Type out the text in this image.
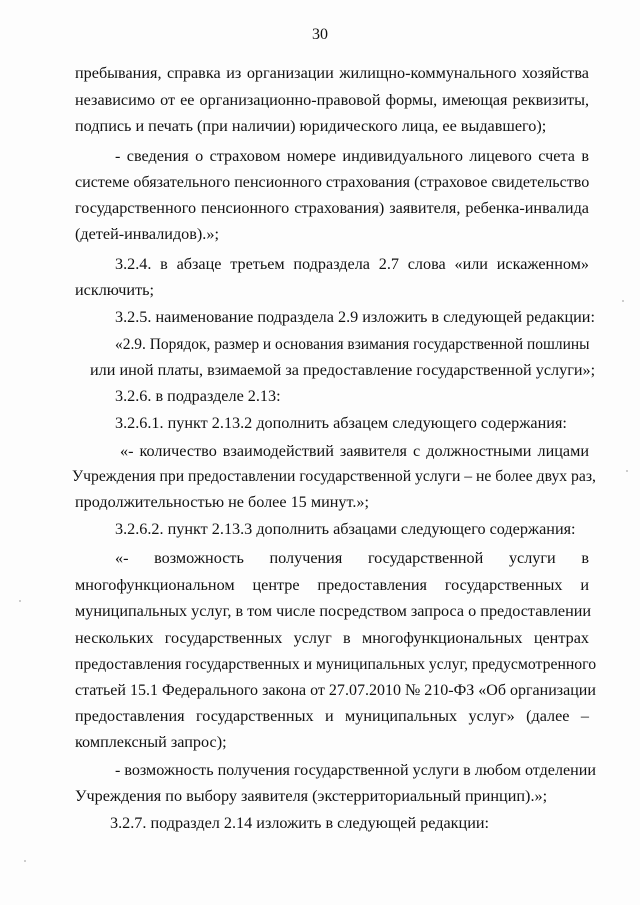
30
пребывания, справка из организации жилищно-коммунального хозяйства
независимо от ее организационно-правовой формы, имеющая реквизиты,
подпись и печать (при наличии) юридического лица, ее выдавшего);
- сведения о страховом номере индивидуального лицевого счета в
системе обязательного пенсионного страхования (страховое свидетельство
государственного пенсионного страхования) заявителя, ребенка-инвалида
(детей-инвалидов).»;
3.2.4. в абзаце третьем подраздела 2.7 слова «или искаженном»
исключить;
3.2.5. наименование подраздела 2.9 изложить в следующей редакции:
«2.9. Порядок, размер и основания взимания государственной пошлины
или иной платы, взимаемой за предоставление государственной услуги»;
3.2.6. в подразделе 2.13:
3.2.6.1. пункт 2.13.2 дополнить абзацем следующего содержания:
«- количество взаимодействий заявителя с должностными лицами
Учреждения при предоставлении государственной услуги – не более двух раз,
продолжительностью не более 15 минут.»;
3.2.6.2. пункт 2.13.3 дополнить абзацами следующего содержания:
«- возможность получения государственной услуги в
многофункциональном центре предоставления государственных и
муниципальных услуг, в том числе посредством запроса о предоставлении
нескольких государственных услуг в многофункциональных центрах
предоставления государственных и муниципальных услуг, предусмотренного
статьей 15.1 Федерального закона от 27.07.2010 № 210-ФЗ «Об организации
предоставления государственных и муниципальных услуг» (далее –
комплексный запрос);
- возможность получения государственной услуги в любом отделении
Учреждения по выбору заявителя (экстерриториальный принцип).»;
3.2.7. подраздел 2.14 изложить в следующей редакции:
